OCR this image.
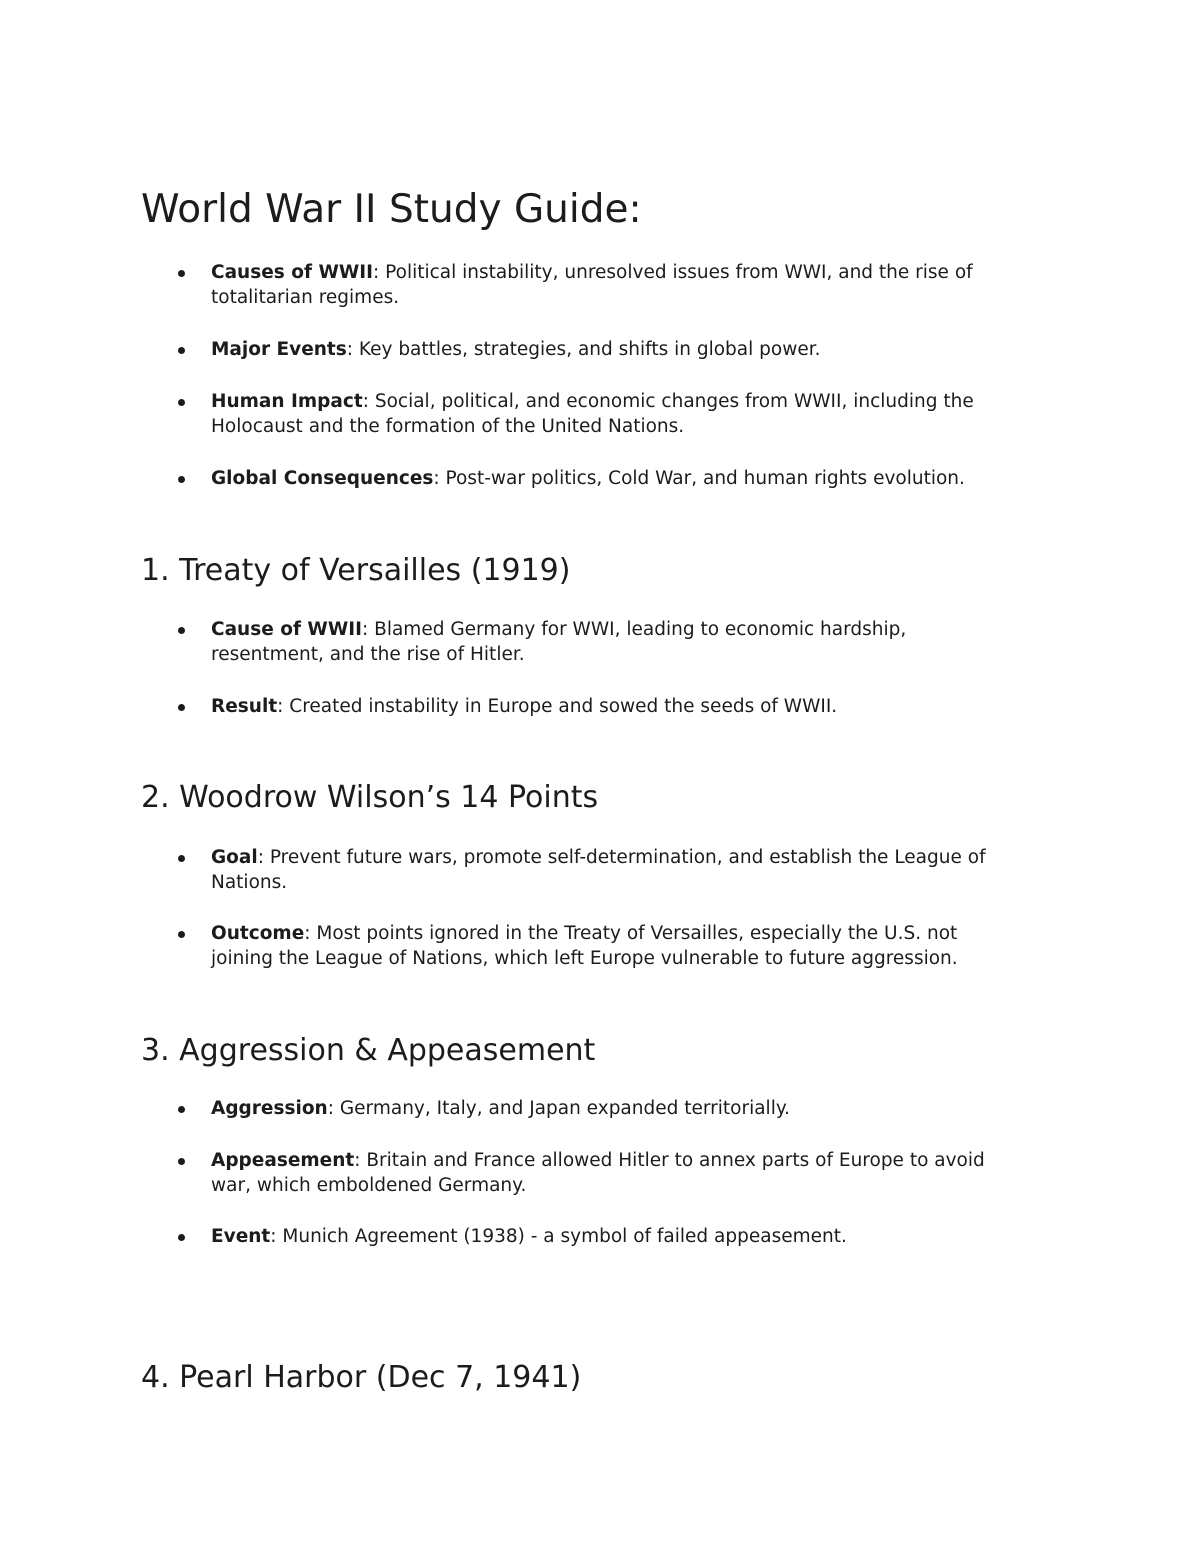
World War II Study Guide:
Causes of WWII: Political instability, unresolved issues from WWI, and the rise of
totalitarian regimes.
Major Events: Key battles, strategies, and shifts in global power.
Human Impact: Social, political, and economic changes from WWII, including the
Holocaust and the formation of the United Nations.
Global Consequences: Post-war politics, Cold War, and human rights evolution.
1. Treaty of Versailles (1919)
Cause of WWII: Blamed Germany for WWI, leading to economic hardship,
resentment, and the rise of Hitler.
Result: Created instability in Europe and sowed the seeds of WWII.
2. Woodrow Wilson’s 14 Points
Goal: Prevent future wars, promote self-determination, and establish the League of
Nations.
Outcome: Most points ignored in the Treaty of Versailles, especially the U.S. not
joining the League of Nations, which left Europe vulnerable to future aggression.
3. Aggression & Appeasement
Aggression: Germany, Italy, and Japan expanded territorially.
Appeasement: Britain and France allowed Hitler to annex parts of Europe to avoid
war, which emboldened Germany.
Event: Munich Agreement (1938) - a symbol of failed appeasement.
4. Pearl Harbor (Dec 7, 1941)
